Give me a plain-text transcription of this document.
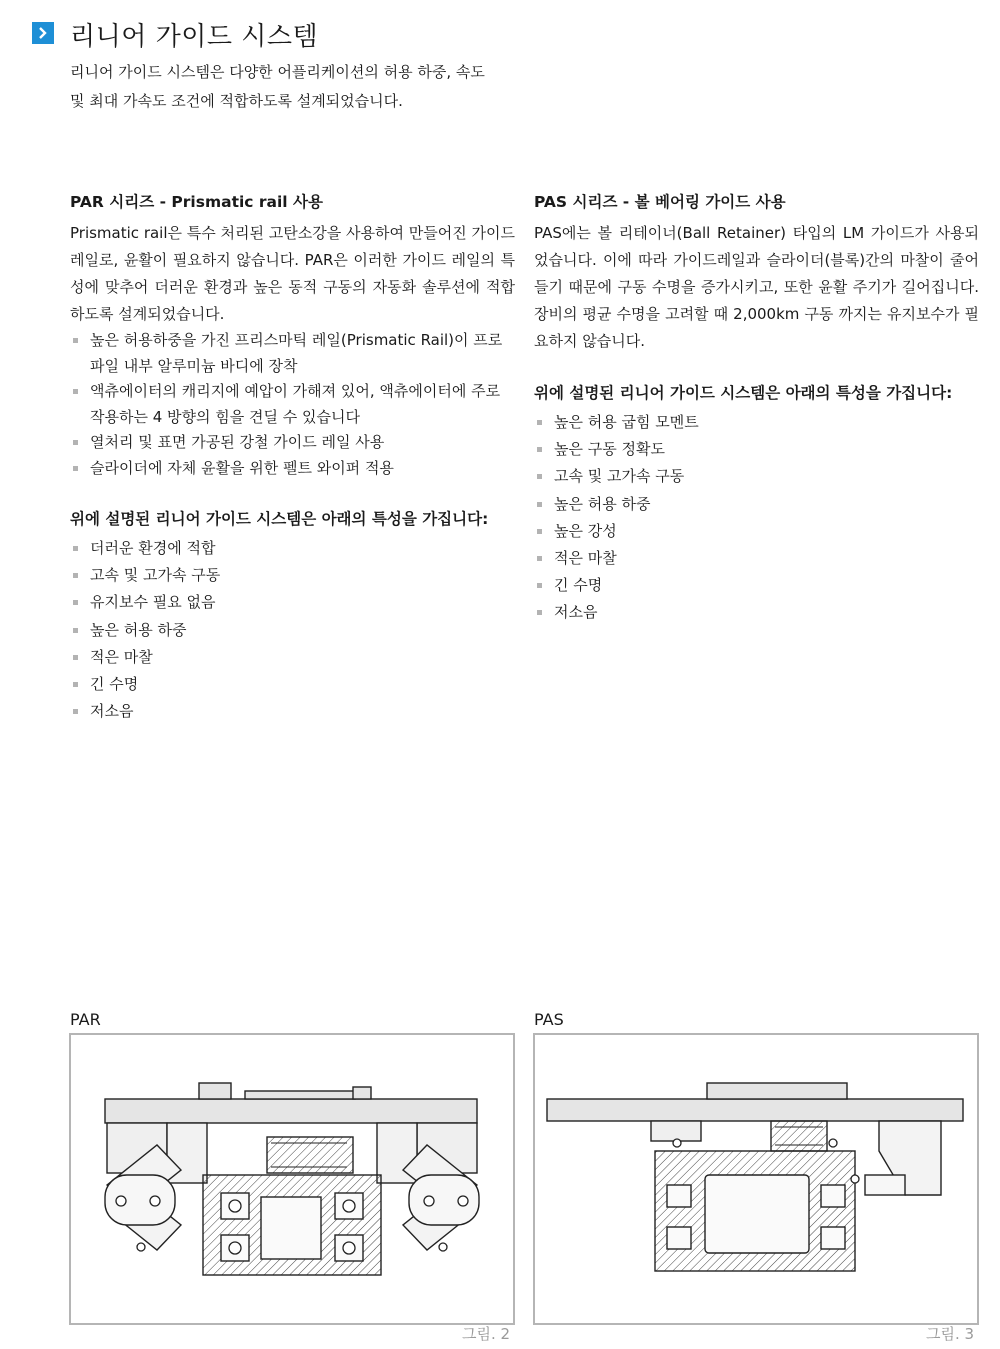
리니어 가이드 시스템
리니어 가이드 시스템은 다양한 어플리케이션의 허용 하중, 속도
및 최대 가속도 조건에 적합하도록 설계되었습니다.
PAR 시리즈 - Prismatic rail 사용

Prismatic rail은 특수 처리된 고탄소강을 사용하여 만들어진 가이드 레일로, 윤활이 필요하지 않습니다. PAR은 이러한 가이드 레일의 특성에 맞추어 더러운 환경과 높은 동적 구동의 자동화 솔루션에 적합하도록 설계되었습니다.

높은 허용하중을 가진 프리스마틱 레일(Prismatic Rail)이 프로파일 내부 알루미늄 바디에 장착
액츄에이터의 캐리지에 예압이 가해져 있어, 액츄에이터에 주로 작용하는 4 방향의 힘을 견딜 수 있습니다
열처리 및 표면 가공된 강철 가이드 레일 사용
슬라이더에 자체 윤활을 위한 펠트 와이퍼 적용
위에 설명된 리니어 가이드 시스템은 아래의 특성을 가집니다:
더러운 환경에 적합
고속 및 고가속 구동
유지보수 필요 없음
높은 허용 하중
적은 마찰
긴 수명
저소음
PAS 시리즈 - 볼 베어링 가이드 사용

PAS에는 볼 리테이너(Ball Retainer) 타입의 LM 가이드가 사용되었습니다. 이에 따라 가이드레일과 슬라이더(블록)간의 마찰이 줄어들기 때문에 구동 수명을 증가시키고, 또한 윤활 주기가 길어집니다. 장비의 평균 수명을 고려할 때 2,000km 구동 까지는 유지보수가 필요하지 않습니다.

위에 설명된 리니어 가이드 시스템은 아래의 특성을 가집니다:
높은 허용 굽힘 모멘트
높은 구동 정확도
고속 및 고가속 구동
높은 허용 하중
높은 강성
적은 마찰
긴 수명
저소음
PAR	PAS
그림. 2	그림. 3
